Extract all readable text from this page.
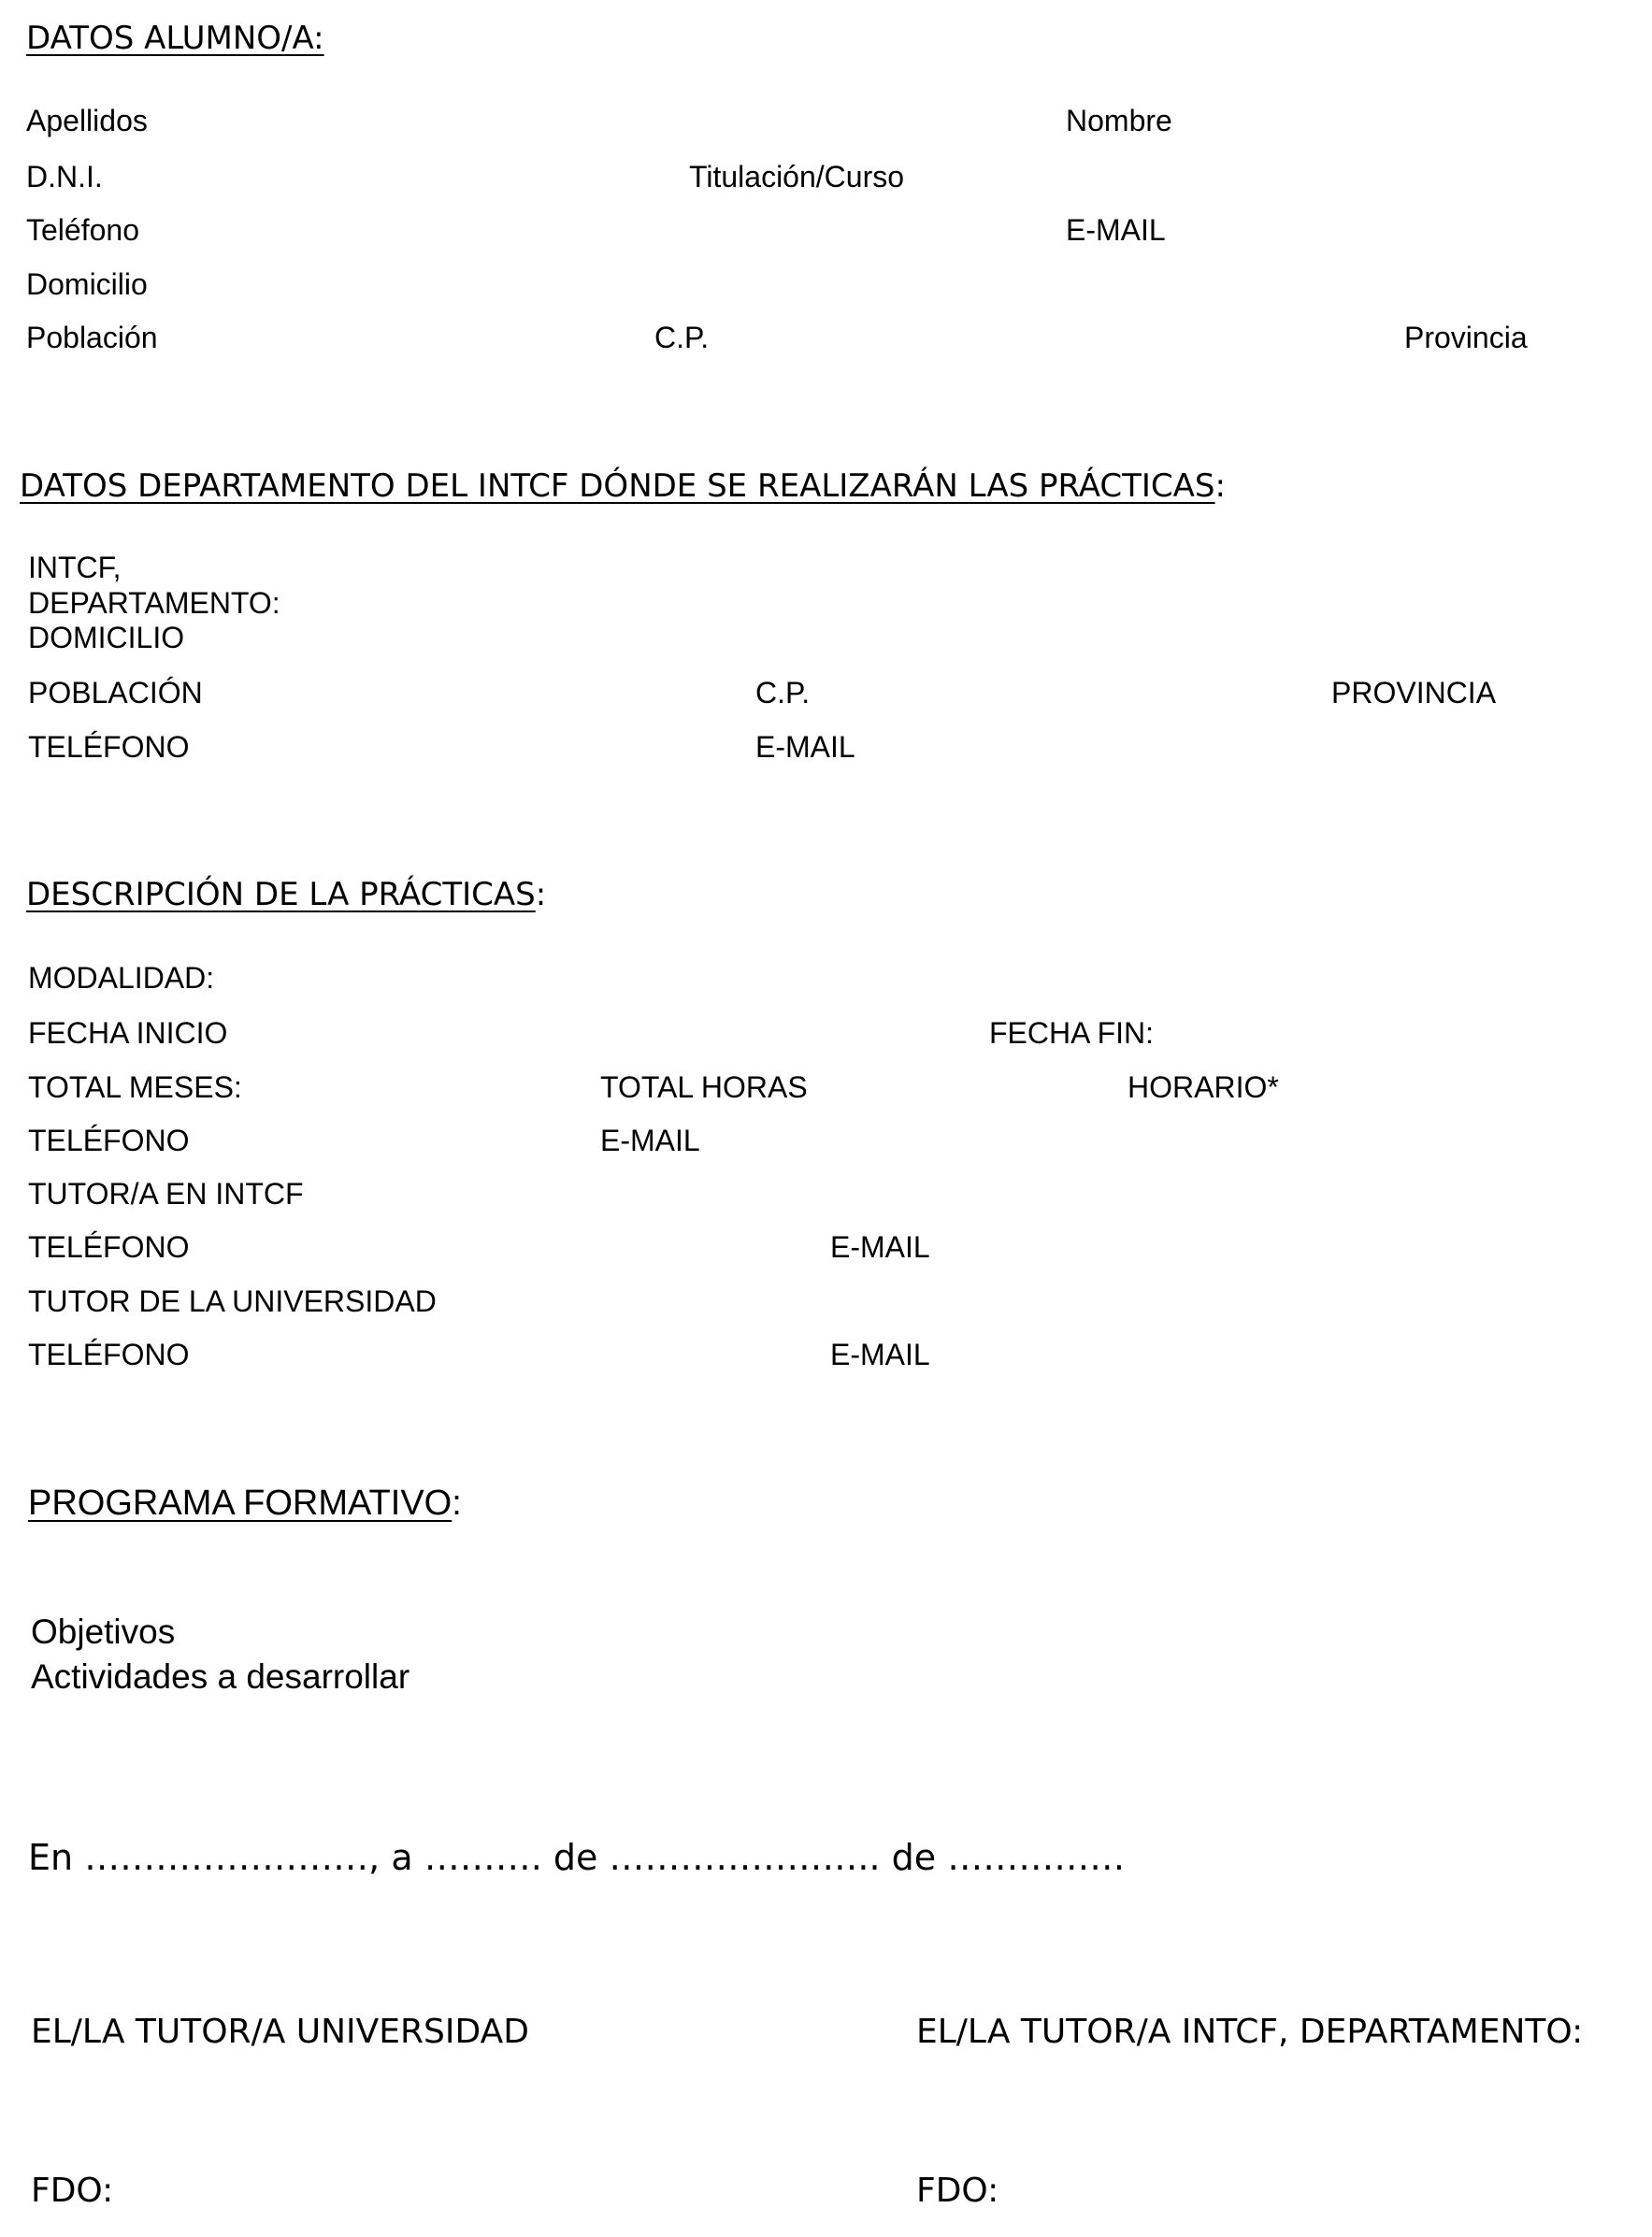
DATOS ALUMNO/A:
Apellidos	Nombre
D.N.I.	Titulación/Curso
Teléfono	E-MAIL
Domicilio
Población	C.P.	Provincia
DATOS DEPARTAMENTO DEL INTCF DÓNDE SE REALIZARÁN LAS PRÁCTICAS:
INTCF,
DEPARTAMENTO:
DOMICILIO
POBLACIÓN	C.P.	PROVINCIA
TELÉFONO	E-MAIL
DESCRIPCIÓN DE LA PRÁCTICAS:
MODALIDAD:
FECHA INICIO	FECHA FIN:
TOTAL MESES:	TOTAL HORAS	HORARIO*
TELÉFONO	E-MAIL
TUTOR/A EN INTCF
TELÉFONO	E-MAIL
TUTOR DE LA UNIVERSIDAD
TELÉFONO	E-MAIL
PROGRAMA FORMATIVO:
Objetivos
Actividades a desarrollar
En ……………………, a ………. de ………………….. de ……………
EL/LA TUTOR/A UNIVERSIDAD	EL/LA TUTOR/A INTCF, DEPARTAMENTO:
FDO:	FDO:
